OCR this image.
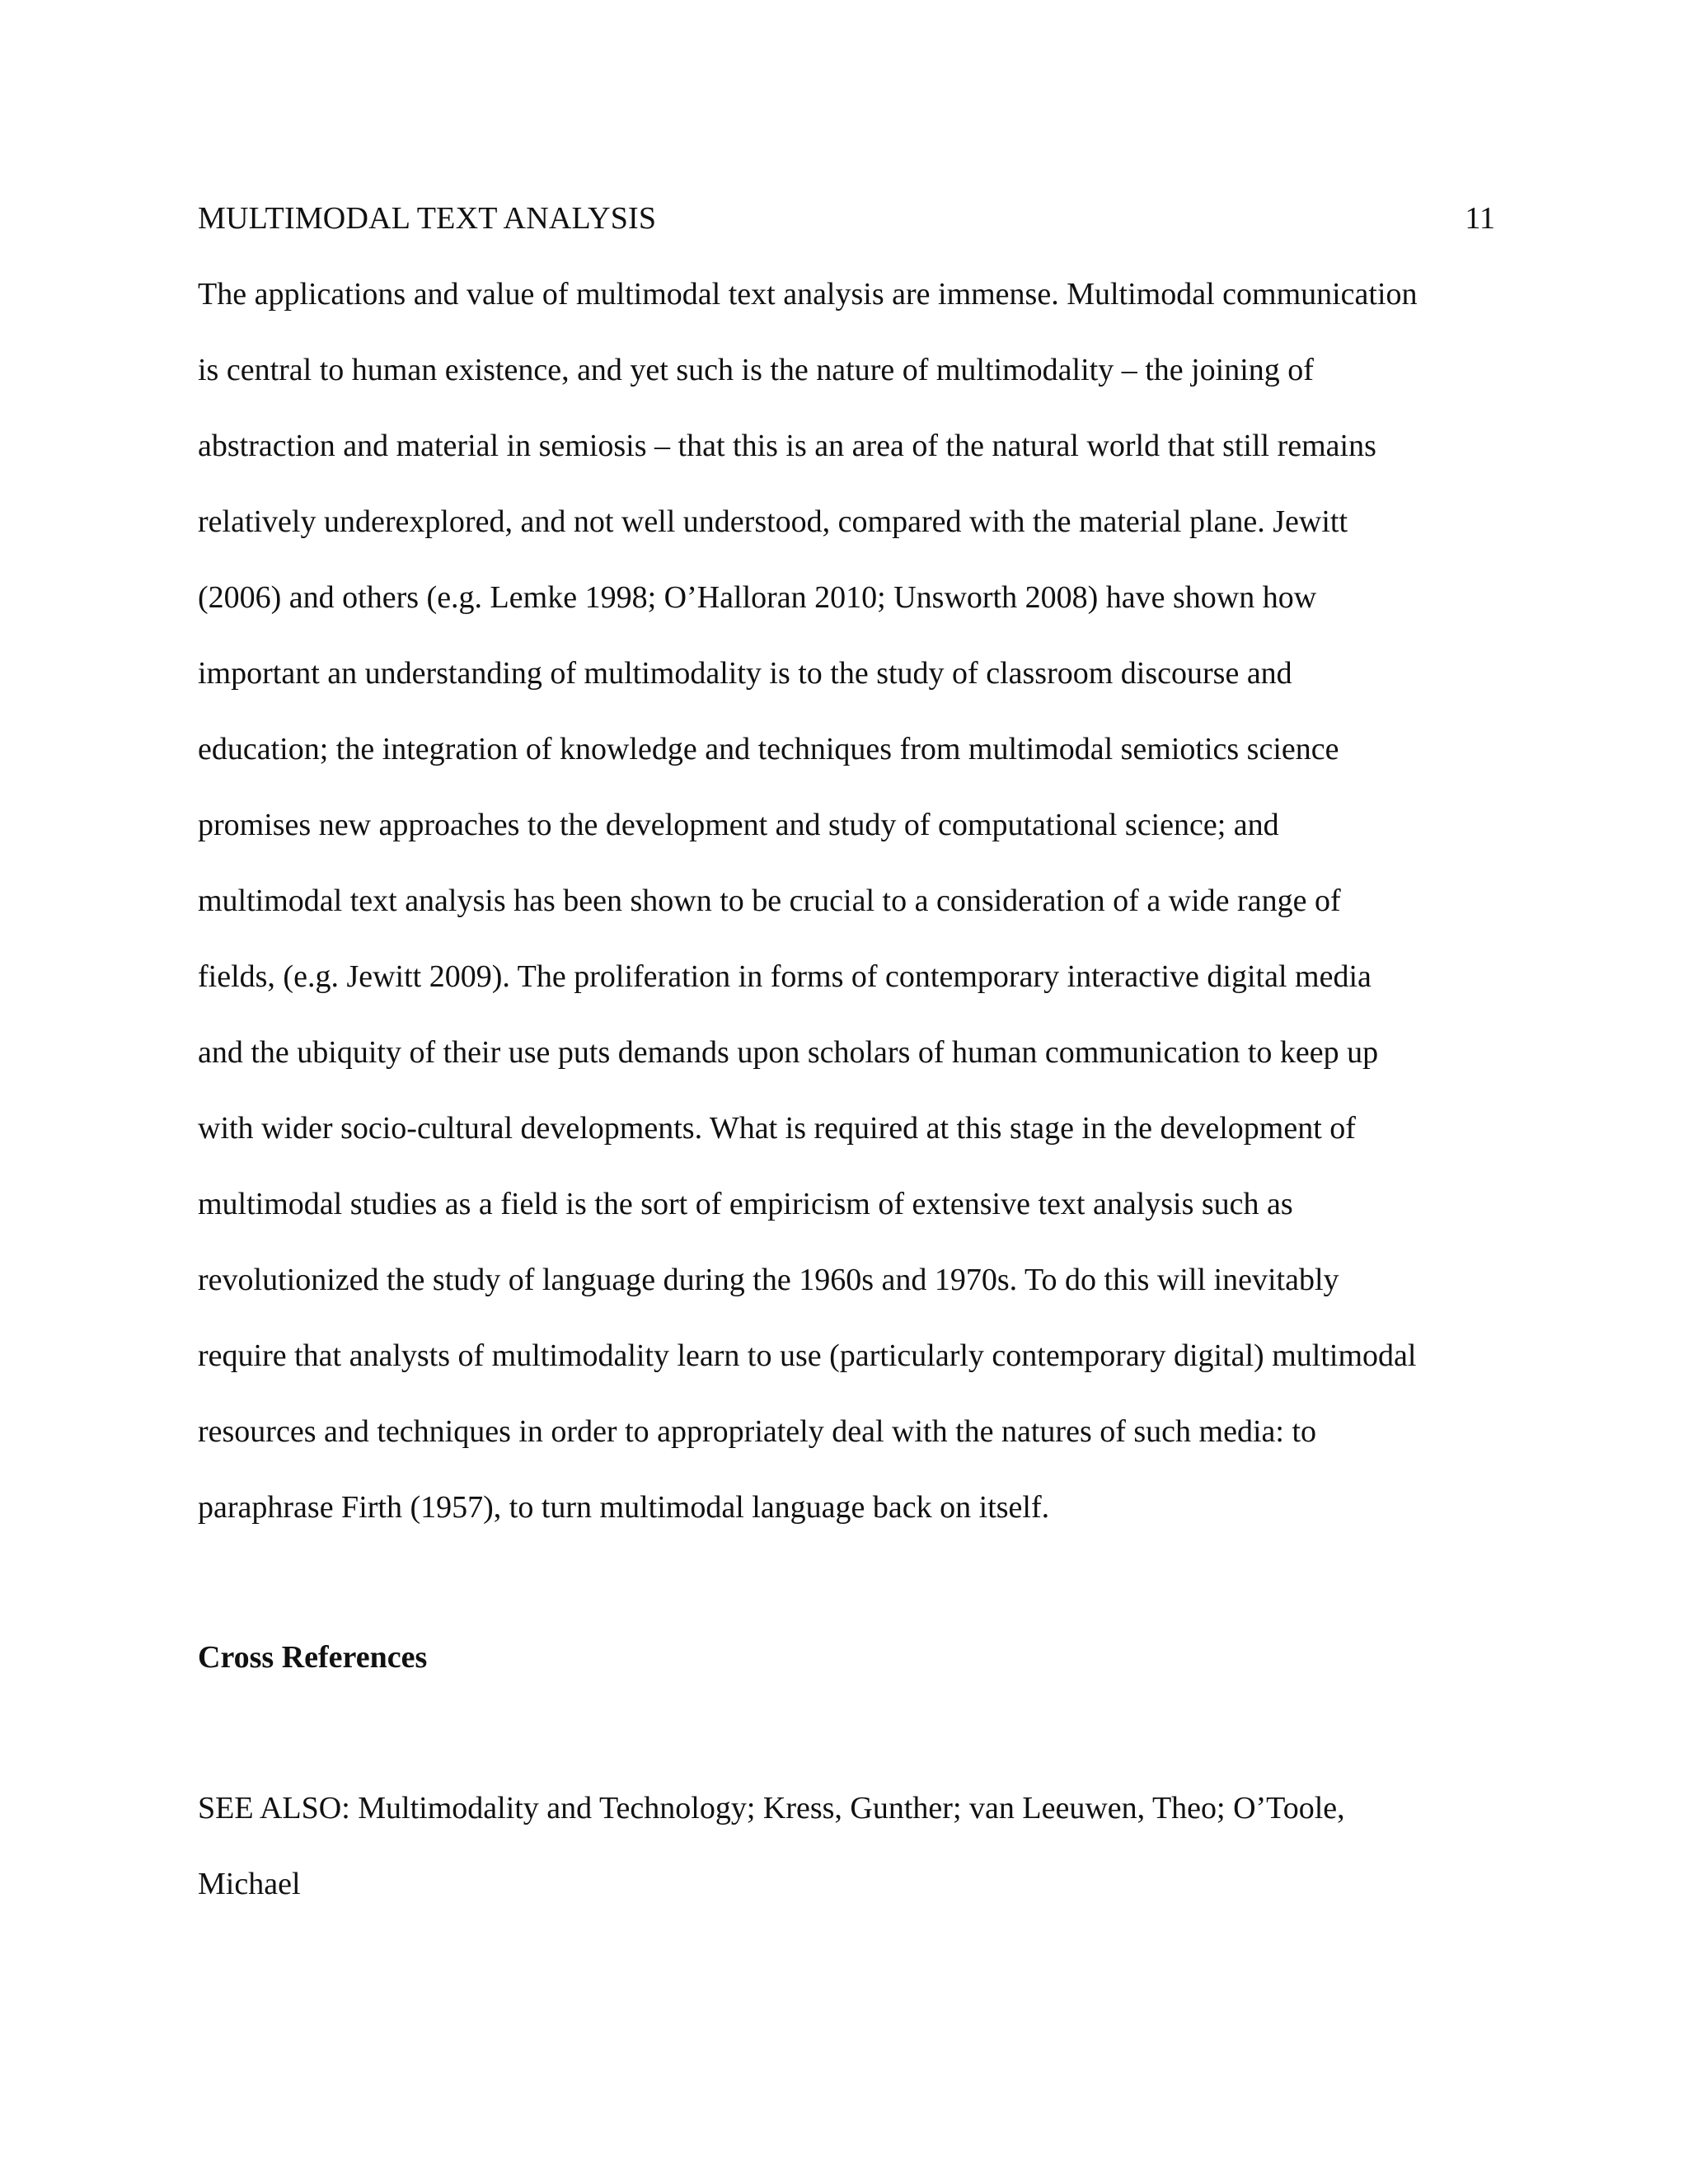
MULTIMODAL TEXT ANALYSIS	11
The applications and value of multimodal text analysis are immense. Multimodal communication
is central to human existence, and yet such is the nature of multimodality – the joining of
abstraction and material in semiosis – that this is an area of the natural world that still remains
relatively underexplored, and not well understood, compared with the material plane. Jewitt
(2006) and others (e.g. Lemke 1998; O’Halloran 2010; Unsworth 2008) have shown how
important an understanding of multimodality is to the study of classroom discourse and
education; the integration of knowledge and techniques from multimodal semiotics science
promises new approaches to the development and study of computational science; and
multimodal text analysis has been shown to be crucial to a consideration of a wide range of
fields, (e.g. Jewitt 2009). The proliferation in forms of contemporary interactive digital media
and the ubiquity of their use puts demands upon scholars of human communication to keep up
with wider socio-cultural developments. What is required at this stage in the development of
multimodal studies as a field is the sort of empiricism of extensive text analysis such as
revolutionized the study of language during the 1960s and 1970s. To do this will inevitably
require that analysts of multimodality learn to use (particularly contemporary digital) multimodal
resources and techniques in order to appropriately deal with the natures of such media: to
paraphrase Firth (1957), to turn multimodal language back on itself.
Cross References
SEE ALSO: Multimodality and Technology; Kress, Gunther; van Leeuwen, Theo; O’Toole,
Michael
